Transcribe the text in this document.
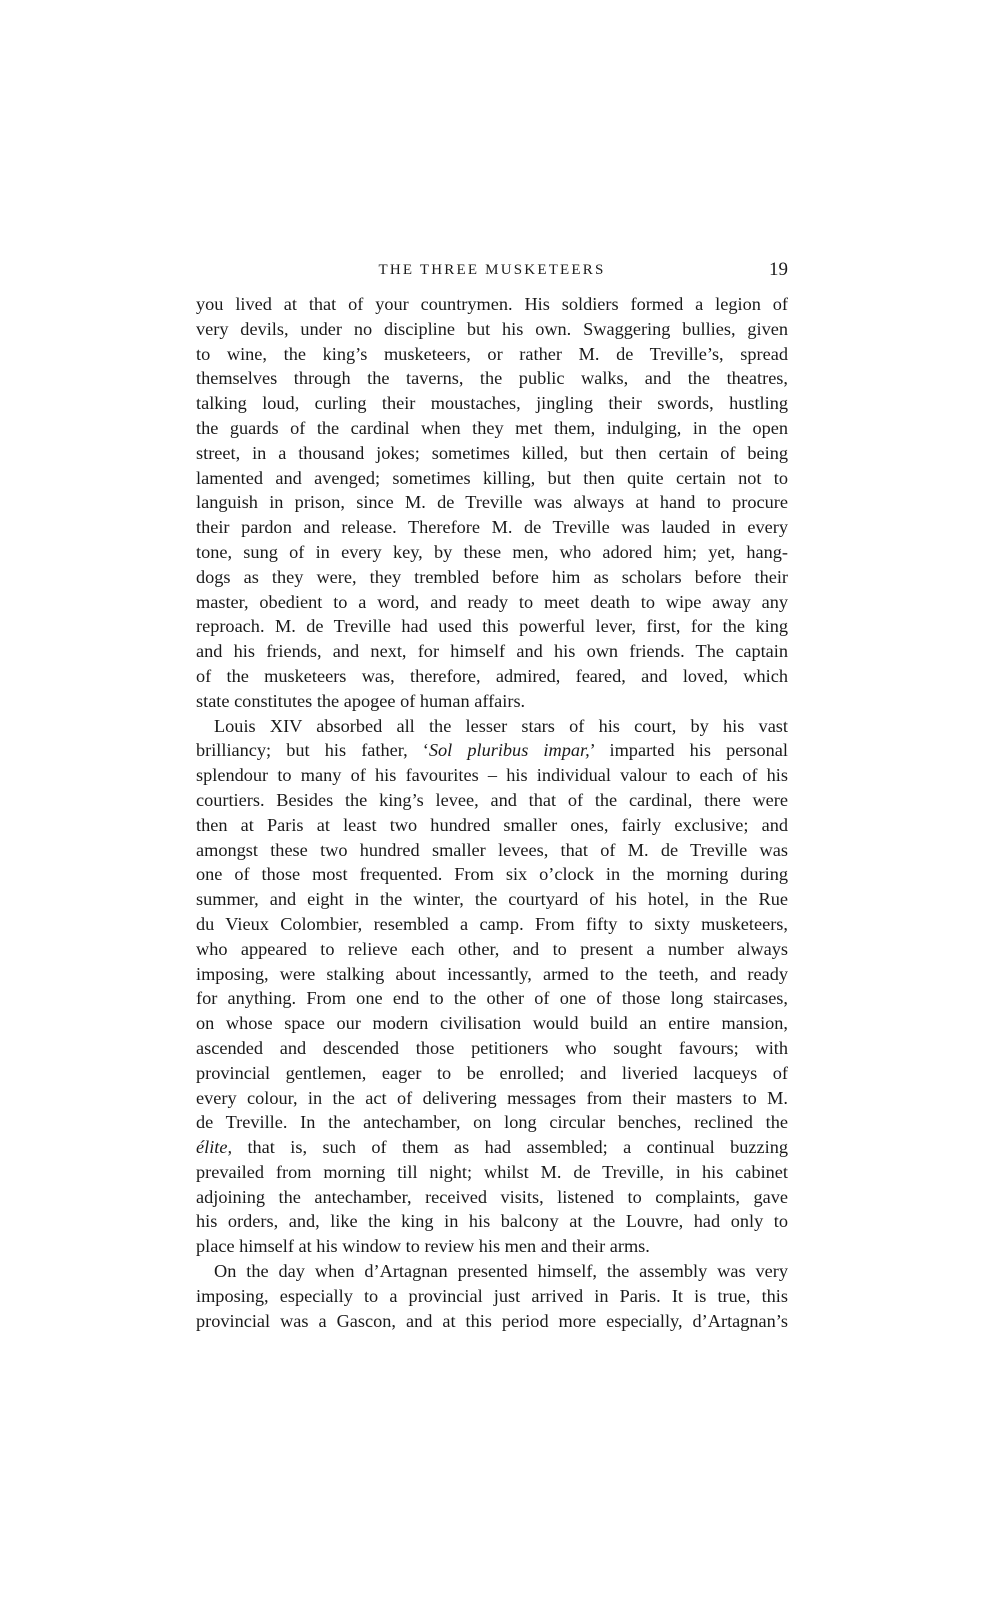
THE THREE MUSKETEERS	19
you lived at that of your countrymen. His soldiers formed a legion of
very devils, under no discipline but his own. Swaggering bullies, given
to wine, the king’s musketeers, or rather M. de Treville’s, spread
themselves through the taverns, the public walks, and the theatres,
talking loud, curling their moustaches, jingling their swords, hustling
the guards of the cardinal when they met them, indulging, in the open
street, in a thousand jokes; sometimes killed, but then certain of being
lamented and avenged; sometimes killing, but then quite certain not to
languish in prison, since M. de Treville was always at hand to procure
their pardon and release. Therefore M. de Treville was lauded in every
tone, sung of in every key, by these men, who adored him; yet, hang-
dogs as they were, they trembled before him as scholars before their
master, obedient to a word, and ready to meet death to wipe away any
reproach. M. de Treville had used this powerful lever, first, for the king
and his friends, and next, for himself and his own friends. The captain
of the musketeers was, therefore, admired, feared, and loved, which
state constitutes the apogee of human affairs.
Louis XIV absorbed all the lesser stars of his court, by his vast
brilliancy; but his father, ‘Sol pluribus impar,’ imparted his personal
splendour to many of his favourites – his individual valour to each of his
courtiers. Besides the king’s levee, and that of the cardinal, there were
then at Paris at least two hundred smaller ones, fairly exclusive; and
amongst these two hundred smaller levees, that of M. de Treville was
one of those most frequented. From six o’clock in the morning during
summer, and eight in the winter, the courtyard of his hotel, in the Rue
du Vieux Colombier, resembled a camp. From fifty to sixty musketeers,
who appeared to relieve each other, and to present a number always
imposing, were stalking about incessantly, armed to the teeth, and ready
for anything. From one end to the other of one of those long staircases,
on whose space our modern civilisation would build an entire mansion,
ascended and descended those petitioners who sought favours; with
provincial gentlemen, eager to be enrolled; and liveried lacqueys of
every colour, in the act of delivering messages from their masters to M.
de Treville. In the antechamber, on long circular benches, reclined the
élite, that is, such of them as had assembled; a continual buzzing
prevailed from morning till night; whilst M. de Treville, in his cabinet
adjoining the antechamber, received visits, listened to complaints, gave
his orders, and, like the king in his balcony at the Louvre, had only to
place himself at his window to review his men and their arms.
On the day when d’Artagnan presented himself, the assembly was very
imposing, especially to a provincial just arrived in Paris. It is true, this
provincial was a Gascon, and at this period more especially, d’Artagnan’s
